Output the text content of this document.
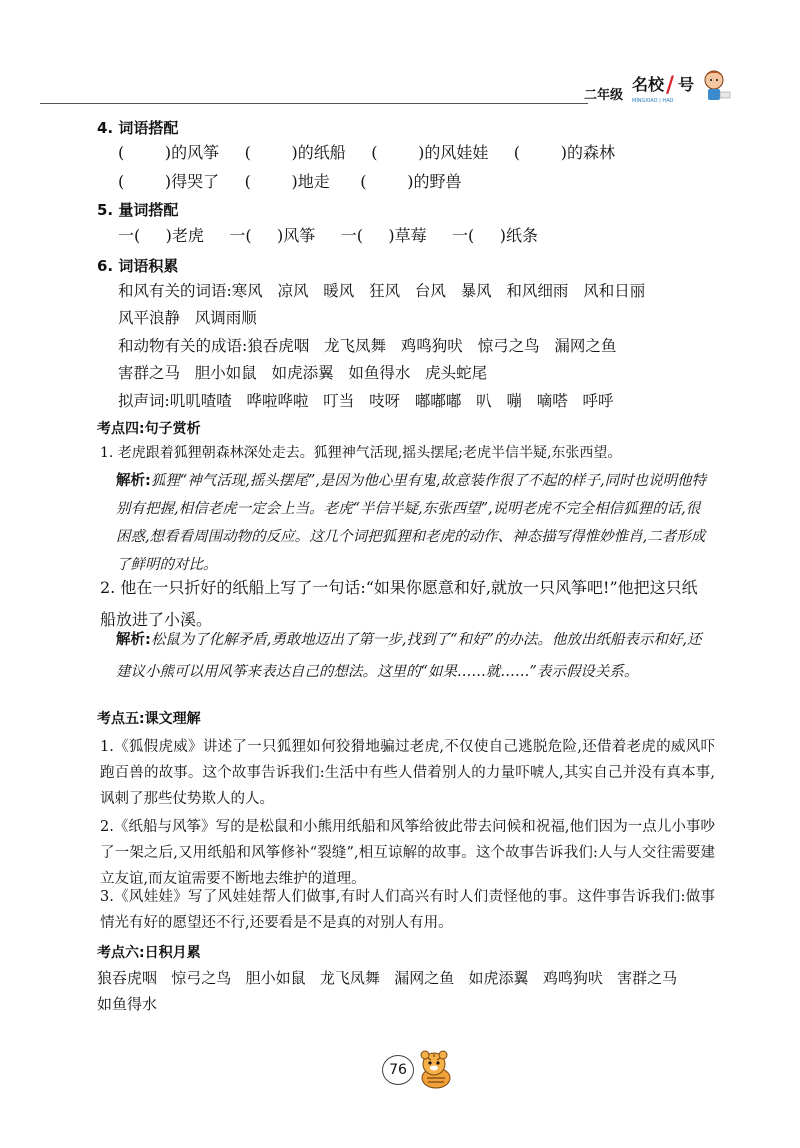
二年级
名校 / 号
MINGXIAO | HAO
4. 词语搭配
(        )的风筝     (        )的纸船     (        )的风娃娃     (        )的森林
(        )得哭了     (        )地走      (        )的野兽
5. 量词搭配
一(     )老虎     一(     )风筝     一(     )草莓     一(     )纸条
6. 词语积累
和风有关的词语:寒风   凉风   暖风   狂风   台风   暴风   和风细雨   风和日丽
风平浪静   风调雨顺
和动物有关的成语:狼吞虎咽   龙飞凤舞   鸡鸣狗吠   惊弓之鸟   漏网之鱼
害群之马   胆小如鼠   如虎添翼   如鱼得水   虎头蛇尾
拟声词:叽叽喳喳   哗啦哗啦   叮当   吱呀   嘟嘟嘟   叭   嘣   嘀嗒   呼呼
考点四:句子赏析
1. 老虎跟着狐狸朝森林深处走去。狐狸神气活现,摇头摆尾;老虎半信半疑,东张西望。
解析:狐狸“神气活现,摇头摆尾”,是因为他心里有鬼,故意装作很了不起的样子,同时也说明他特别有把握,相信老虎一定会上当。老虎“半信半疑,东张西望”,说明老虎不完全相信狐狸的话,很困惑,想看看周围动物的反应。这几个词把狐狸和老虎的动作、神态描写得惟妙惟肖,二者形成了鲜明的对比。
2. 他在一只折好的纸船上写了一句话:“如果你愿意和好,就放一只风筝吧!”他把这只纸船放进了小溪。
解析:松鼠为了化解矛盾,勇敢地迈出了第一步,找到了“和好”的办法。他放出纸船表示和好,还建议小熊可以用风筝来表达自己的想法。这里的“如果……就……”表示假设关系。
考点五:课文理解
1.《狐假虎威》讲述了一只狐狸如何狡猾地骗过老虎,不仅使自己逃脱危险,还借着老虎的威风吓跑百兽的故事。这个故事告诉我们:生活中有些人借着别人的力量吓唬人,其实自己并没有真本事,讽刺了那些仗势欺人的人。
2.《纸船与风筝》写的是松鼠和小熊用纸船和风筝给彼此带去问候和祝福,他们因为一点儿小事吵了一架之后,又用纸船和风筝修补“裂缝”,相互谅解的故事。这个故事告诉我们:人与人交往需要建立友谊,而友谊需要不断地去维护的道理。
3.《风娃娃》写了风娃娃帮人们做事,有时人们高兴有时人们责怪他的事。这件事告诉我们:做事情光有好的愿望还不行,还要看是不是真的对别人有用。
考点六:日积月累
狼吞虎咽   惊弓之鸟   胆小如鼠   龙飞凤舞   漏网之鱼   如虎添翼   鸡鸣狗吠   害群之马
如鱼得水
76
